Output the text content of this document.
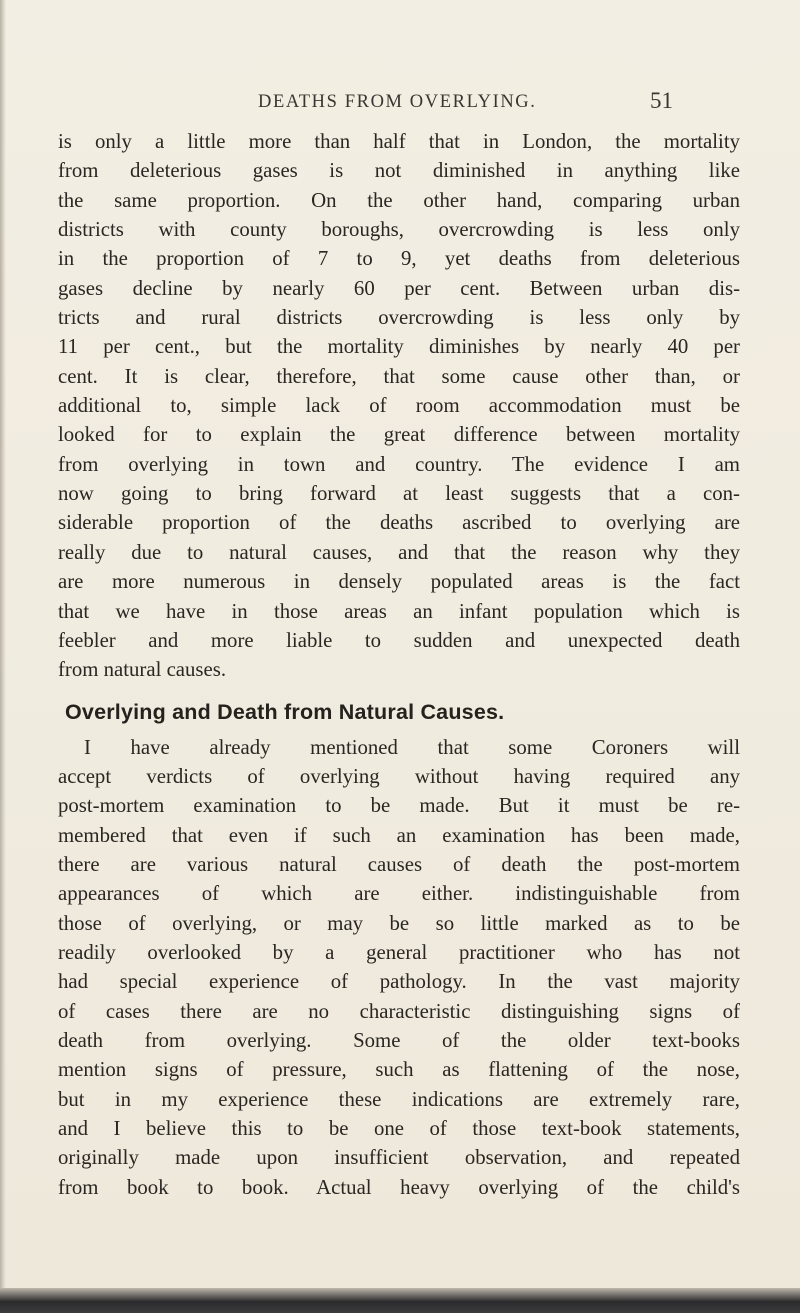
DEATHS FROM OVERLYING.	51
is only a little more than half that in London, the mortality
from deleterious gases is not diminished in anything like
the same proportion. On the other hand, comparing urban
districts with county boroughs, overcrowding is less only
in the proportion of 7 to 9, yet deaths from deleterious
gases decline by nearly 60 per cent. Between urban dis-
tricts and rural districts overcrowding is less only by
11 per cent., but the mortality diminishes by nearly 40 per
cent. It is clear, therefore, that some cause other than, or
additional to, simple lack of room accommodation must be
looked for to explain the great difference between mortality
from overlying in town and country. The evidence I am
now going to bring forward at least suggests that a con-
siderable proportion of the deaths ascribed to overlying are
really due to natural causes, and that the reason why they
are more numerous in densely populated areas is the fact
that we have in those areas an infant population which is
feebler and more liable to sudden and unexpected death
from natural causes.
Overlying and Death from Natural Causes.
I have already mentioned that some Coroners will
accept verdicts of overlying without having required any
post-mortem examination to be made. But it must be re-
membered that even if such an examination has been made,
there are various natural causes of death the post-mortem
appearances of which are either. indistinguishable from
those of overlying, or may be so little marked as to be
readily overlooked by a general practitioner who has not
had special experience of pathology. In the vast majority
of cases there are no characteristic distinguishing signs of
death from overlying. Some of the older text-books
mention signs of pressure, such as flattening of the nose,
but in my experience these indications are extremely rare,
and I believe this to be one of those text-book statements,
originally made upon insufficient observation, and repeated
from book to book. Actual heavy overlying of the child's
